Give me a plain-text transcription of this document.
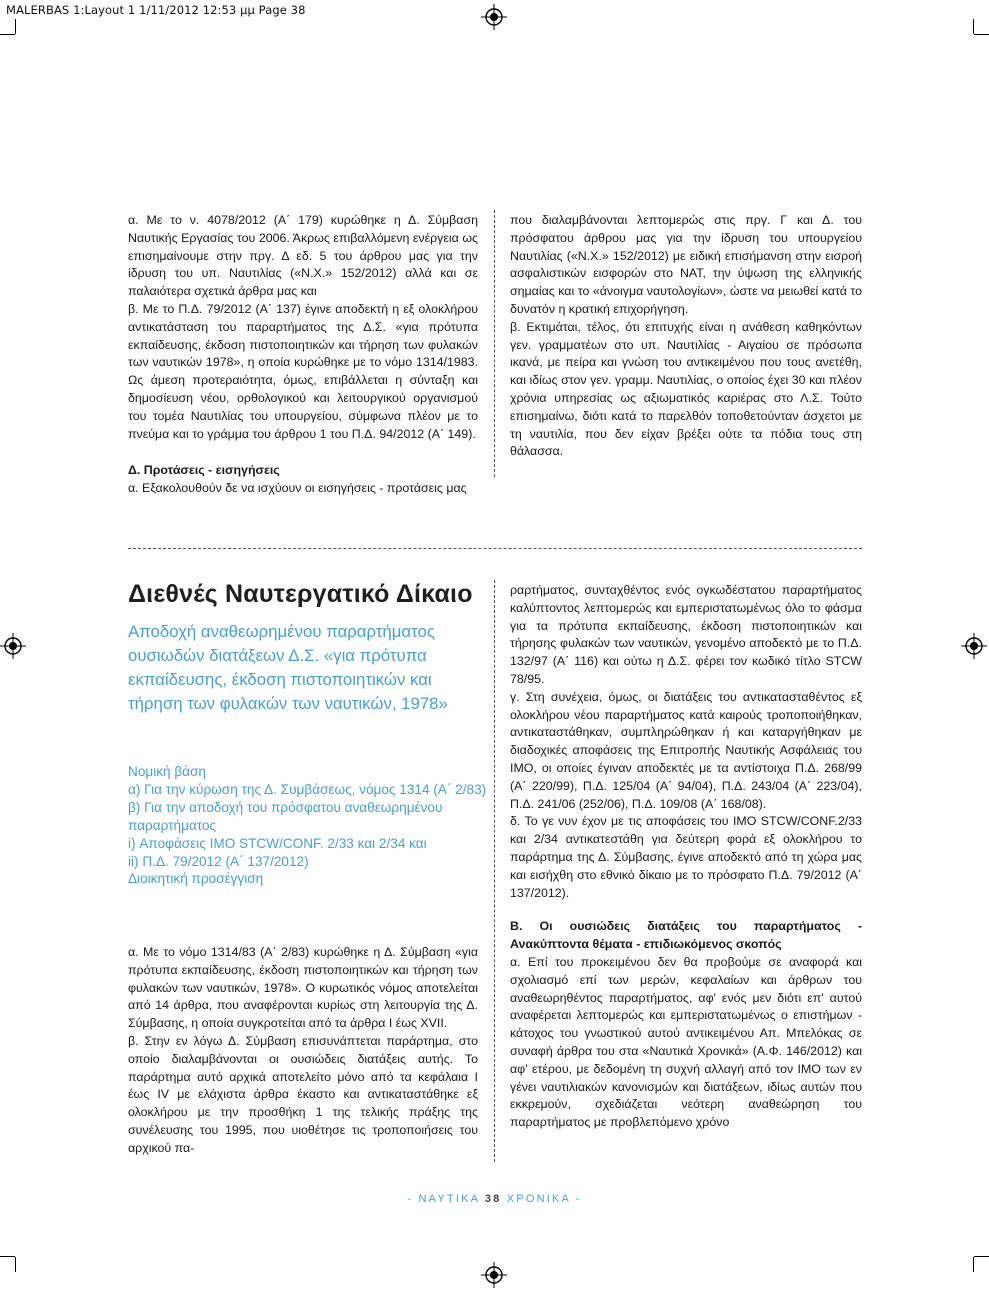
MALERBAS 1:Layout 1 1/11/2012 12:53 μμ Page 38

α. Με το ν. 4078/2012 (Α΄ 179) κυρώθηκε η Δ. Σύμβαση Ναυτικής Εργασίας του 2006. Άκρως επιβαλλόμενη ενέργεια ως επισημαίνουμε στην πργ. Δ εδ. 5 του άρθρου μας για την ίδρυση του υπ. Ναυτιλίας («Ν.Χ.» 152/2012) αλλά και σε παλαιότερα σχετικά άρθρα μας και

β. Με το Π.Δ. 79/2012 (Α΄ 137) έγινε αποδεκτή η εξ ολοκλήρου αντικατάσταση του παραρτήματος της Δ.Σ. «για πρότυπα εκπαίδευσης, έκδοση πιστοποιητικών και τήρηση των φυλακών των ναυτικών 1978», η οποία κυρώθηκε με το νόμο 1314/1983. Ως άμεση προτεραιότητα, όμως, επιβάλλεται η σύνταξη και δημοσίευση νέου, ορθολογικού και λειτουργικού οργανισμού του τομέα Ναυτιλίας του υπουργείου, σύμφωνα πλέον με το πνεύμα και το γράμμα του άρθρου 1 του Π.Δ. 94/2012 (Α΄ 149).

Δ. Προτάσεις - εισηγήσεις

α. Εξακολουθούν δε να ισχύουν οι εισηγήσεις - προτάσεις μας

που διαλαμβάνονται λεπτομερώς στις πργ. Γ και Δ. του πρόσφατου άρθρου μας για την ίδρυση του υπουργείου Ναυτιλίας («Ν.Χ.» 152/2012) με ειδική επισήμανση στην εισροή ασφαλιστικών εισφορών στο ΝΑΤ, την ύψωση της ελληνικής σημαίας και το «άνοιγμα ναυτολογίων», ώστε να μειωθεί κατά το δυνατόν η κρατική επιχορήγηση.

β. Εκτιμάται, τέλος, ότι επιτυχής είναι η ανάθεση καθηκόντων γεν. γραμματέων στο υπ. Ναυτιλίας - Αιγαίου σε πρόσωπα ικανά, με πείρα και γνώση του αντικειμένου που τους ανετέθη, και ιδίως στον γεν. γραμμ. Ναυτιλίας, ο οποίος έχει 30 και πλέον χρόνια υπηρεσίας ως αξιωματικός καριέρας στο Λ.Σ. Τούτο επισημαίνω, διότι κατά το παρελθόν τοποθετούνταν άσχετοι με τη ναυτιλία, που δεν είχαν βρέξει ούτε τα πόδια τους στη θάλασσα.

Διεθνές Ναυτεργατικό Δίκαιο
Αποδοχή αναθεωρημένου παραρτήματος ουσιωδών διατάξεων Δ.Σ. «για πρότυπα εκπαίδευσης, έκδοση πιστοποιητικών και τήρηση των φυλακών των ναυτικών, 1978»
Νομική βάση
α) Για την κύρωση της Δ. Συμβάσεως, νόμος 1314 (Α΄ 2/83)
β) Για την αποδοχή του πρόσφατου αναθεωρημένου παραρτήματος
i) Αποφάσεις ΙΜΟ STCW/CONF. 2/33 και 2/34 και
ii) Π.Δ. 79/2012 (Α΄ 137/2012)
Διοικητική προσέγγιση

α. Με το νόμο 1314/83 (Α΄ 2/83) κυρώθηκε η Δ. Σύμβαση «για πρότυπα εκπαίδευσης, έκδοση πιστοποιητικών και τήρηση των φυλακών των ναυτικών, 1978». Ο κυρωτικός νόμος αποτελείται από 14 άρθρα, που αναφέρονται κυρίως στη λειτουργία της Δ. Σύμβασης, η οποία συγκροτείται από τα άρθρα Ι έως XVII.

β. Στην εν λόγω Δ. Σύμβαση επισυνάπτεται παράρτημα, στο οποίο διαλαμβάνονται οι ουσιώδεις διατάξεις αυτής. Το παράρτημα αυτό αρχικά αποτελείτο μόνο από τα κεφάλαια Ι έως IV με ελάχιστα άρθρα έκαστο και αντικαταστάθηκε εξ ολοκλήρου με την προσθήκη 1 της τελικής πράξης της συνέλευσης του 1995, που υιοθέτησε τις τροποποιήσεις του αρχικού πα-

ραρτήματος, συνταχθέντος ενός ογκωδέστατου παραρτήματος καλύπτοντος λεπτομερώς και εμπεριστατωμένως όλο το φάσμα για τα πρότυπα εκπαίδευσης, έκδοση πιστοποιητικών και τήρησης φυλακών των ναυτικών, γενομένο αποδεκτό με το Π.Δ. 132/97 (Α΄ 116) και ούτω η Δ.Σ. φέρει τον κωδικό τίτλο STCW 78/95.

γ. Στη συνέχεια, όμως, οι διατάξεις του αντικατασταθέντος εξ ολοκλήρου νέου παραρτήματος κατά καιρούς τροποποιήθηκαν, αντικαταστάθηκαν, συμπληρώθηκαν ή και καταργήθηκαν με διαδοχικές αποφάσεις της Επιτροπής Ναυτικής Ασφάλειας του ΙΜΟ, οι οποίες έγιναν αποδεκτές με τα αντίστοιχα Π.Δ. 268/99 (Α΄ 220/99), Π.Δ. 125/04 (Α΄ 94/04), Π.Δ. 243/04 (Α΄ 223/04), Π.Δ. 241/06 (252/06), Π.Δ. 109/08 (Α΄ 168/08).

δ. Το γε νυν έχον με τις αποφάσεις του ΙΜΟ STCW/CONF.2/33 και 2/34 αντικατεστάθη για δεύτερη φορά εξ ολοκλήρου το παράρτημα της Δ. Σύμβασης, έγινε αποδεκτό από τη χώρα μας και εισήχθη στο εθνικό δίκαιο με το πρόσφατο Π.Δ. 79/2012 (Α΄ 137/2012).

Β. Οι ουσιώδεις διατάξεις του παραρτήματος - Ανακύπτοντα θέματα - επιδιωκόμενος σκοπός

α. Επί του προκειμένου δεν θα προβούμε σε αναφορά και σχολιασμό επί των μερών, κεφαλαίων και άρθρων του αναθεωρηθέντος παραρτήματος, αφ' ενός μεν διότι επ' αυτού αναφέρεται λεπτομερώς και εμπεριστατωμένως ο επιστήμων - κάτοχος του γνωστικού αυτού αντικειμένου Απ. Μπελόκας σε συναφή άρθρα του στα «Ναυτικά Χρονικά» (Α.Φ. 146/2012) και αφ' ετέρου, με δεδομένη τη συχνή αλλαγή από τον ΙΜΟ των εν γένει ναυτιλιακών κανονισμών και διατάξεων, ιδίως αυτών που εκκρεμούν, σχεδιάζεται νεότερη αναθεώρηση του παραρτήματος με προβλεπόμενο χρόνο

- ΝΑΥΤΙΚΑ 38 ΧΡΟΝΙΚΑ -
